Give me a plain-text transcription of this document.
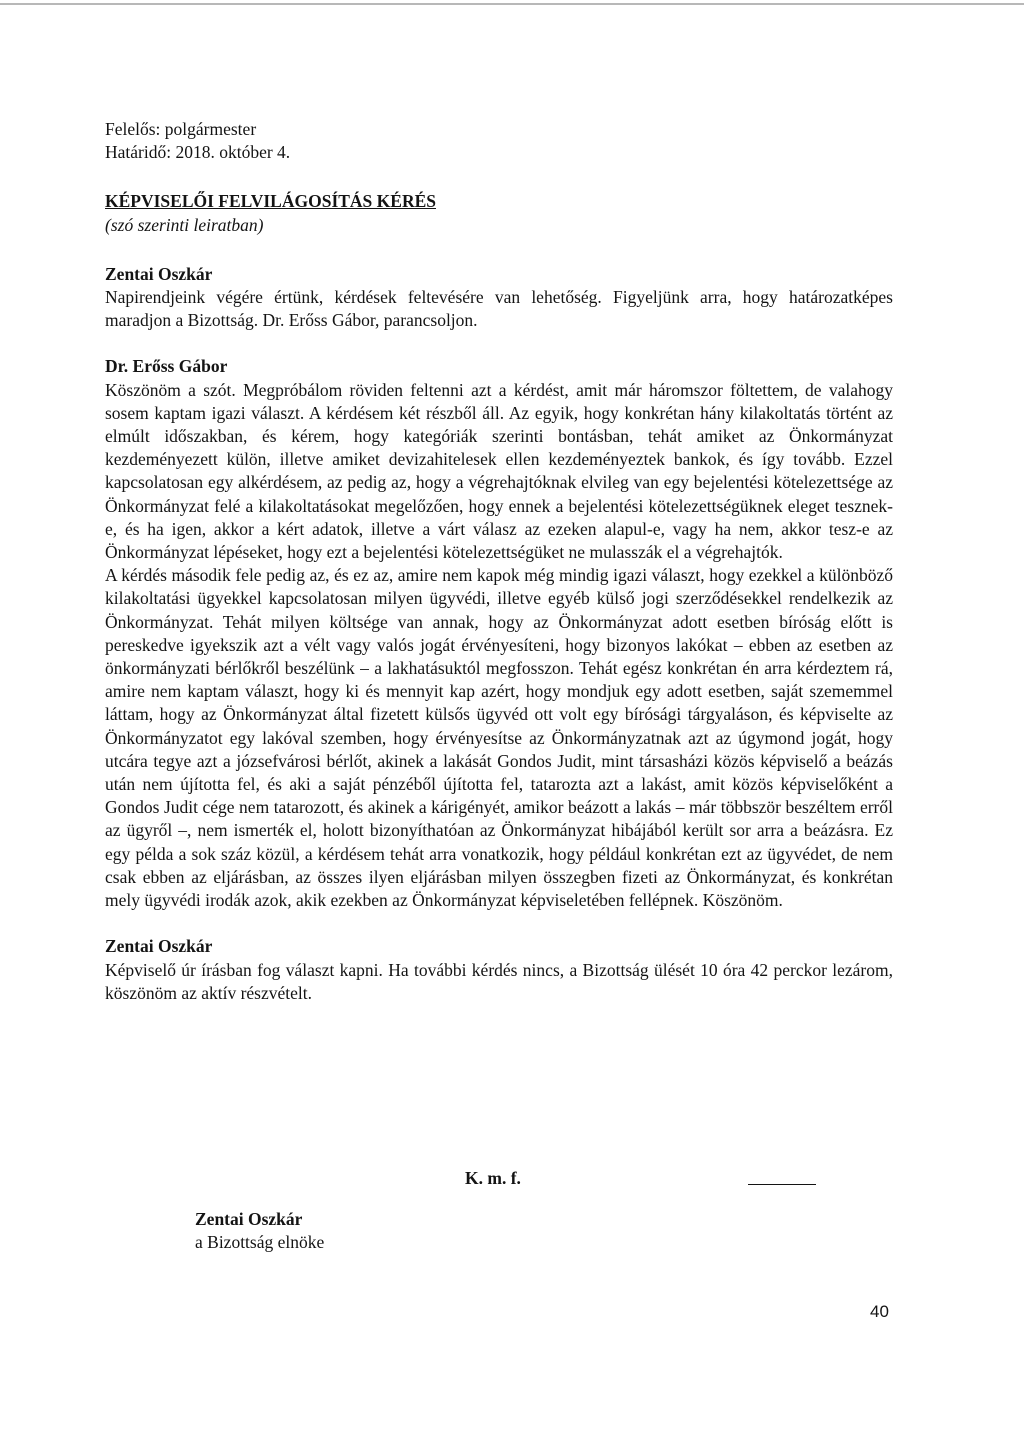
Felelős: polgármester

Határidő: 2018. október 4.

KÉPVISELŐI FELVILÁGOSÍTÁS KÉRÉS

(szó szerinti leiratban)

Zentai Oszkár

Napirendjeink végére értünk, kérdések feltevésére van lehetőség. Figyeljünk arra, hogy határozatképes maradjon a Bizottság. Dr. Erőss Gábor, parancsoljon.

Dr. Erőss Gábor

Köszönöm a szót. Megpróbálom röviden feltenni azt a kérdést, amit már háromszor föltettem, de valahogy sosem kaptam igazi választ. A kérdésem két részből áll. Az egyik, hogy konkrétan hány kilakoltatás történt az elmúlt időszakban, és kérem, hogy kategóriák szerinti bontásban, tehát amiket az Önkormányzat kezdeményezett külön, illetve amiket devizahitelesek ellen kezdeményeztek bankok, és így tovább. Ezzel kapcsolatosan egy alkérdésem, az pedig az, hogy a végrehajtóknak elvileg van egy bejelentési kötelezettsége az Önkormányzat felé a kilakoltatásokat megelőzően, hogy ennek a bejelentési kötelezettségüknek eleget tesznek-e, és ha igen, akkor a kért adatok, illetve a várt válasz az ezeken alapul-e, vagy ha nem, akkor tesz-e az Önkormányzat lépéseket, hogy ezt a bejelentési kötelezettségüket ne mulasszák el a végrehajtók.

A kérdés második fele pedig az, és ez az, amire nem kapok még mindig igazi választ, hogy ezekkel a különböző kilakoltatási ügyekkel kapcsolatosan milyen ügyvédi, illetve egyéb külső jogi szerződésekkel rendelkezik az Önkormányzat. Tehát milyen költsége van annak, hogy az Önkormányzat adott esetben bíróság előtt is pereskedve igyekszik azt a vélt vagy valós jogát érvényesíteni, hogy bizonyos lakókat – ebben az esetben az önkormányzati bérlőkről beszélünk – a lakhatásuktól megfosszon. Tehát egész konkrétan én arra kérdeztem rá, amire nem kaptam választ, hogy ki és mennyit kap azért, hogy mondjuk egy adott esetben, saját szememmel láttam, hogy az Önkormányzat által fizetett külsős ügyvéd ott volt egy bírósági tárgyaláson, és képviselte az Önkormányzatot egy lakóval szemben, hogy érvényesítse az Önkormányzatnak azt az úgymond jogát, hogy utcára tegye azt a józsefvárosi bérlőt, akinek a lakását Gondos Judit, mint társasházi közös képviselő a beázás után nem újította fel, és aki a saját pénzéből újította fel, tatarozta azt a lakást, amit közös képviselőként a Gondos Judit cége nem tatarozott, és akinek a kárigényét, amikor beázott a lakás – már többször beszéltem erről az ügyről –, nem ismerték el, holott bizonyíthatóan az Önkormányzat hibájából került sor arra a beázásra. Ez egy példa a sok száz közül, a kérdésem tehát arra vonatkozik, hogy például konkrétan ezt az ügyvédet, de nem csak ebben az eljárásban, az összes ilyen eljárásban milyen összegben fizeti az Önkormányzat, és konkrétan mely ügyvédi irodák azok, akik ezekben az Önkormányzat képviseletében fellépnek. Köszönöm.

Zentai Oszkár

Képviselő úr írásban fog választ kapni. Ha további kérdés nincs, a Bizottság ülését 10 óra 42 perckor lezárom, köszönöm az aktív részvételt.

K. m. f.

Zentai Oszkár

a Bizottság elnöke

40
